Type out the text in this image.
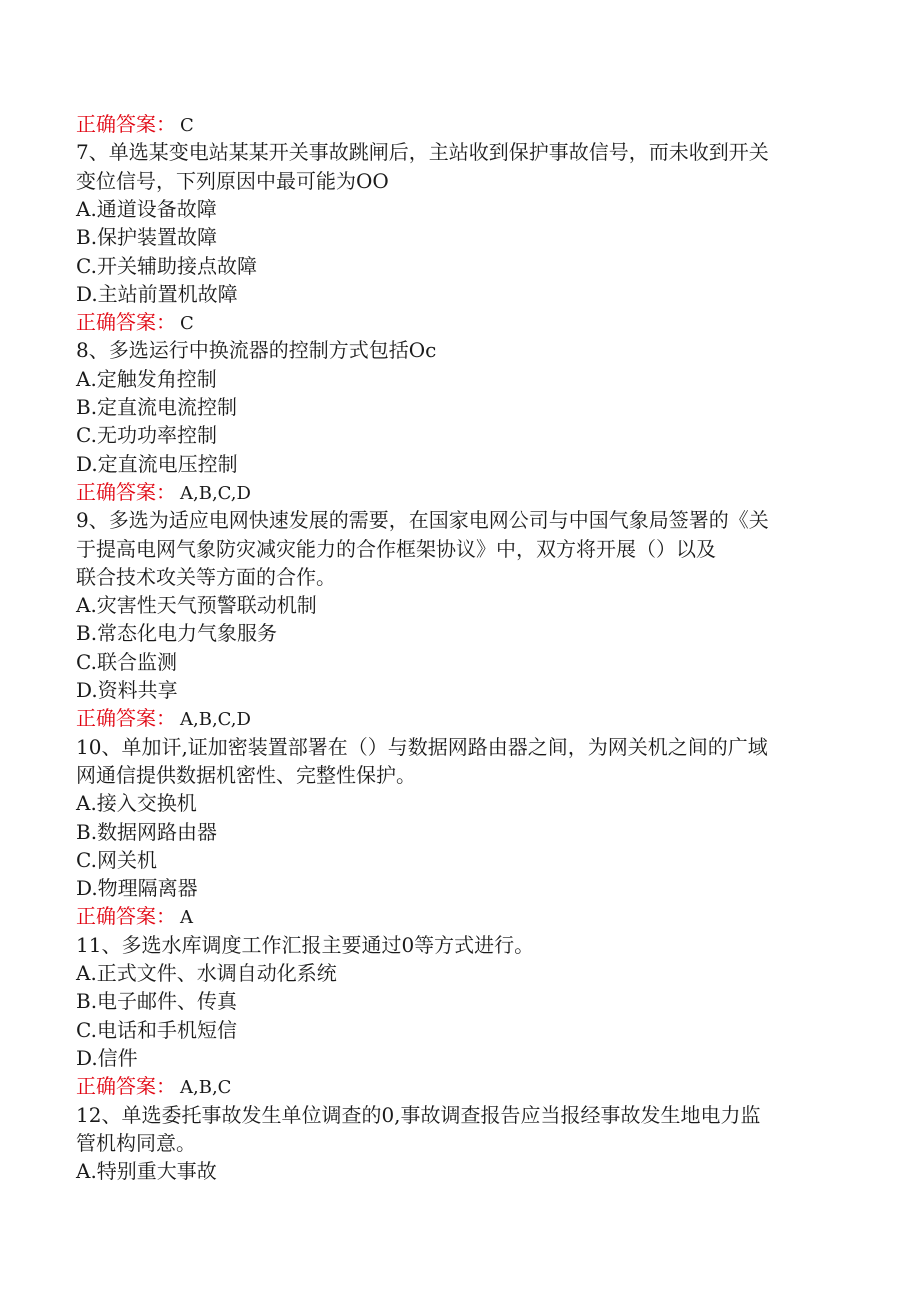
正确答案： C

7、单选某变电站某某开关事故跳闸后，主站收到保护事故信号，而未收到开关

变位信号，下列原因中最可能为OO

A.通道设备故障

B.保护装置故障

C.开关辅助接点故障

D.主站前置机故障

正确答案： C

8、多选运行中换流器的控制方式包括Oc

A.定触发角控制

B.定直流电流控制

C.无功功率控制

D.定直流电压控制

正确答案： A,B,C,D

9、多选为适应电网快速发展的需要，在国家电网公司与中国气象局签署的《关

于提高电网气象防灾减灾能力的合作框架协议》中，双方将开展（）以及

联合技术攻关等方面的合作。

A.灾害性天气预警联动机制

B.常态化电力气象服务

C.联合监测

D.资料共享

正确答案： A,B,C,D

10、单加讦,证加密装置部署在（）与数据网路由器之间，为网关机之间的广域

网通信提供数据机密性、完整性保护。

A.接入交换机

B.数据网路由器

C.网关机

D.物理隔离器

正确答案： A

11、多选水库调度工作汇报主要通过0等方式进行。

A.正式文件、水调自动化系统

B.电子邮件、传真

C.电话和手机短信

D.信件

正确答案： A,B,C

12、单选委托事故发生单位调查的0,事故调查报告应当报经事故发生地电力监

管机构同意。

A.特别重大事故
